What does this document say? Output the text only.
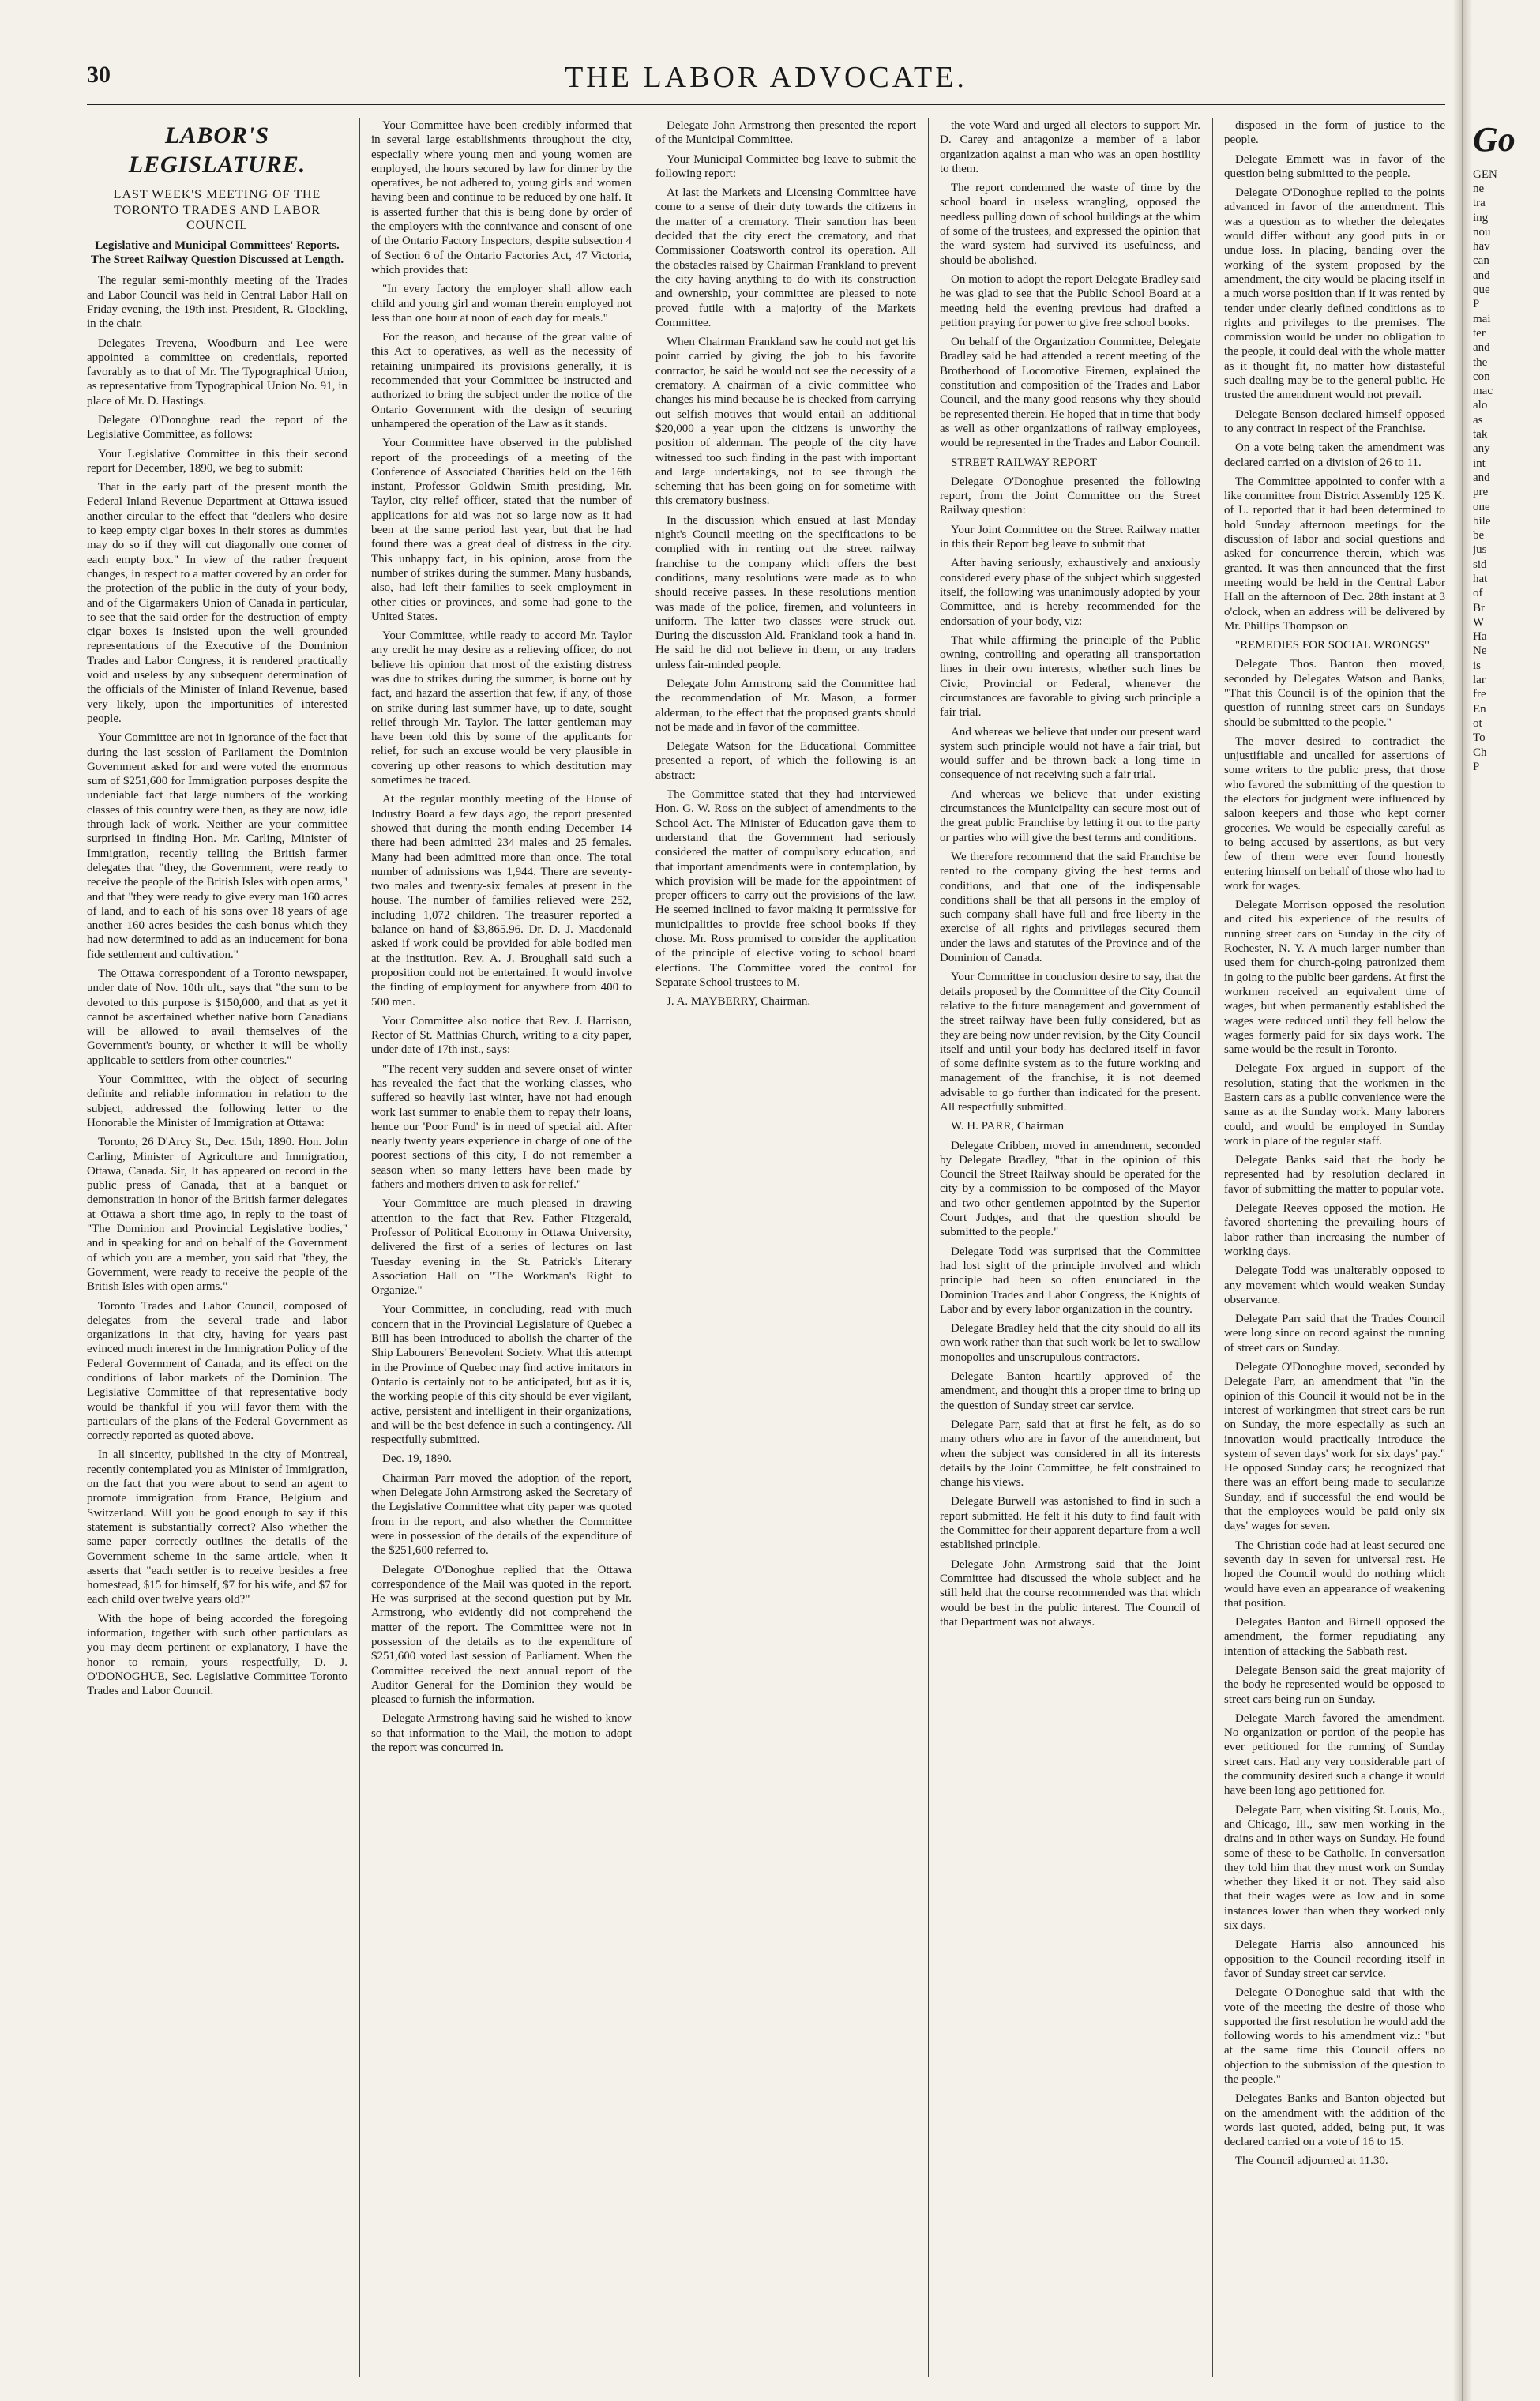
30	THE LABOR ADVOCATE.
LABOR'S LEGISLATURE.
LAST WEEK'S MEETING OF THE TORONTO TRADES AND LABOR COUNCIL
Legislative and Municipal Committees' Reports. The Street Railway Question Discussed at Length.

The regular semi-monthly meeting of the Trades and Labor Council was held in Central Labor Hall on Friday evening, the 19th inst. President, R. Glockling, in the chair.

Delegates Trevena, Woodburn and Lee were appointed a committee on credentials, reported favorably as to that of Mr. The Typographical Union, as representative from Typographical Union No. 91, in place of Mr. D. Hastings.

Delegate O'Donoghue read the report of the Legislative Committee, as follows:

Your Legislative Committee in this their second report for December, 1890, we beg to submit:

That in the early part of the present month the Federal Inland Revenue Department at Ottawa issued another circular to the effect that "dealers who desire to keep empty cigar boxes in their stores as dummies may do so if they will cut diagonally one corner of each empty box." In view of the rather frequent changes, in respect to a matter covered by an order for the protection of the public in the duty of your body, and of the Cigarmakers Union of Canada in particular, to see that the said order for the destruction of empty cigar boxes is insisted upon the well grounded representations of the Executive of the Dominion Trades and Labor Congress, it is rendered practically void and useless by any subsequent determination of the officials of the Minister of Inland Revenue, based very likely, upon the importunities of interested people.

Your Committee are not in ignorance of the fact that during the last session of Parliament the Dominion Government asked for and were voted the enormous sum of $251,600 for Immigration purposes despite the undeniable fact that large numbers of the working classes of this country were then, as they are now, idle through lack of work. Neither are your committee surprised in finding Hon. Mr. Carling, Minister of Immigration, recently telling the British farmer delegates that "they, the Government, were ready to receive the people of the British Isles with open arms," and that "they were ready to give every man 160 acres of land, and to each of his sons over 18 years of age another 160 acres besides the cash bonus which they had now determined to add as an inducement for bona fide settlement and cultivation."

The Ottawa correspondent of a Toronto newspaper, under date of Nov. 10th ult., says that "the sum to be devoted to this purpose is $150,000, and that as yet it cannot be ascertained whether native born Canadians will be allowed to avail themselves of the Government's bounty, or whether it will be wholly applicable to settlers from other countries."

Your Committee, with the object of securing definite and reliable information in relation to the subject, addressed the following letter to the Honorable the Minister of Immigration at Ottawa:

Toronto, 26 D'Arcy St., Dec. 15th, 1890. Hon. John Carling, Minister of Agriculture and Immigration, Ottawa, Canada. Sir, It has appeared on record in the public press of Canada, that at a banquet or demonstration in honor of the British farmer delegates at Ottawa a short time ago, in reply to the toast of "The Dominion and Provincial Legislative bodies," and in speaking for and on behalf of the Government of which you are a member, you said that "they, the Government, were ready to receive the people of the British Isles with open arms."

Toronto Trades and Labor Council, composed of delegates from the several trade and labor organizations in that city, having for years past evinced much interest in the Immigration Policy of the Federal Government of Canada, and its effect on the conditions of labor markets of the Dominion. The Legislative Committee of that representative body would be thankful if you will favor them with the particulars of the plans of the Federal Government as correctly reported as quoted above.

In all sincerity, published in the city of Montreal, recently contemplated you as Minister of Immigration, on the fact that you were about to send an agent to promote immigration from France, Belgium and Switzerland. Will you be good enough to say if this statement is substantially correct? Also whether the same paper correctly outlines the details of the Government scheme in the same article, when it asserts that "each settler is to receive besides a free homestead, $15 for himself, $7 for his wife, and $7 for each child over twelve years old?"

With the hope of being accorded the foregoing information, together with such other particulars as you may deem pertinent or explanatory, I have the honor to remain, yours respectfully, D. J. O'DONOGHUE, Sec. Legislative Committee Toronto Trades and Labor Council.

Your Committee have been credibly informed that in several large establishments throughout the city, especially where young men and young women are employed, the hours secured by law for dinner by the operatives, be not adhered to, young girls and women having been and continue to be reduced by one half. It is asserted further that this is being done by order of the employers with the connivance and consent of one of the Ontario Factory Inspectors, despite subsection 4 of Section 6 of the Ontario Factories Act, 47 Victoria, which provides that:

"In every factory the employer shall allow each child and young girl and woman therein employed not less than one hour at noon of each day for meals."

For the reason, and because of the great value of this Act to operatives, as well as the necessity of retaining unimpaired its provisions generally, it is recommended that your Committee be instructed and authorized to bring the subject under the notice of the Ontario Government with the design of securing unhampered the operation of the Law as it stands.

Your Committee have observed in the published report of the proceedings of a meeting of the Conference of Associated Charities held on the 16th instant, Professor Goldwin Smith presiding, Mr. Taylor, city relief officer, stated that the number of applications for aid was not so large now as it had been at the same period last year, but that he had found there was a great deal of distress in the city. This unhappy fact, in his opinion, arose from the number of strikes during the summer. Many husbands, also, had left their families to seek employment in other cities or provinces, and some had gone to the United States.

Your Committee, while ready to accord Mr. Taylor any credit he may desire as a relieving officer, do not believe his opinion that most of the existing distress was due to strikes during the summer, is borne out by fact, and hazard the assertion that few, if any, of those on strike during last summer have, up to date, sought relief through Mr. Taylor. The latter gentleman may have been told this by some of the applicants for relief, for such an excuse would be very plausible in covering up other reasons to which destitution may sometimes be traced.

At the regular monthly meeting of the House of Industry Board a few days ago, the report presented showed that during the month ending December 14 there had been admitted 234 males and 25 females. Many had been admitted more than once. The total number of admissions was 1,944. There are seventy-two males and twenty-six females at present in the house. The number of families relieved were 252, including 1,072 children. The treasurer reported a balance on hand of $3,865.96. Dr. D. J. Macdonald asked if work could be provided for able bodied men at the institution. Rev. A. J. Broughall said such a proposition could not be entertained. It would involve the finding of employment for anywhere from 400 to 500 men.

Your Committee also notice that Rev. J. Harrison, Rector of St. Matthias Church, writing to a city paper, under date of 17th inst., says:

"The recent very sudden and severe onset of winter has revealed the fact that the working classes, who suffered so heavily last winter, have not had enough work last summer to enable them to repay their loans, hence our 'Poor Fund' is in need of special aid. After nearly twenty years experience in charge of one of the poorest sections of this city, I do not remember a season when so many letters have been made by fathers and mothers driven to ask for relief."

Your Committee are much pleased in drawing attention to the fact that Rev. Father Fitzgerald, Professor of Political Economy in Ottawa University, delivered the first of a series of lectures on last Tuesday evening in the St. Patrick's Literary Association Hall on "The Workman's Right to Organize."

Your Committee, in concluding, read with much concern that in the Provincial Legislature of Quebec a Bill has been introduced to abolish the charter of the Ship Labourers' Benevolent Society. What this attempt in the Province of Quebec may find active imitators in Ontario is certainly not to be anticipated, but as it is, the working people of this city should be ever vigilant, active, persistent and intelligent in their organizations, and will be the best defence in such a contingency. All respectfully submitted.

Dec. 19, 1890.

Chairman Parr moved the adoption of the report, when Delegate John Armstrong asked the Secretary of the Legislative Committee what city paper was quoted from in the report, and also whether the Committee were in possession of the details of the expenditure of the $251,600 referred to.

Delegate O'Donoghue replied that the Ottawa correspondence of the Mail was quoted in the report. He was surprised at the second question put by Mr. Armstrong, who evidently did not comprehend the matter of the report. The Committee were not in possession of the details as to the expenditure of $251,600 voted last session of Parliament. When the Committee received the next annual report of the Auditor General for the Dominion they would be pleased to furnish the information.

Delegate Armstrong having said he wished to know so that information to the Mail, the motion to adopt the report was concurred in.

Delegate John Armstrong then presented the report of the Municipal Committee.

Your Municipal Committee beg leave to submit the following report:

At last the Markets and Licensing Committee have come to a sense of their duty towards the citizens in the matter of a crematory. Their sanction has been decided that the city erect the crematory, and that Commissioner Coatsworth control its operation. All the obstacles raised by Chairman Frankland to prevent the city having anything to do with its construction and ownership, your committee are pleased to note proved futile with a majority of the Markets Committee.

When Chairman Frankland saw he could not get his point carried by giving the job to his favorite contractor, he said he would not see the necessity of a crematory. A chairman of a civic committee who changes his mind because he is checked from carrying out selfish motives that would entail an additional $20,000 a year upon the citizens is unworthy the position of alderman. The people of the city have witnessed too such finding in the past with important and large undertakings, not to see through the scheming that has been going on for sometime with this crematory business.

In the discussion which ensued at last Monday night's Council meeting on the specifications to be complied with in renting out the street railway franchise to the company which offers the best conditions, many resolutions were made as to who should receive passes. In these resolutions mention was made of the police, firemen, and volunteers in uniform. The latter two classes were struck out. During the discussion Ald. Frankland took a hand in. He said he did not believe in them, or any traders unless fair-minded people.

Delegate John Armstrong said the Committee had the recommendation of Mr. Mason, a former alderman, to the effect that the proposed grants should not be made and in favor of the committee.

Delegate Watson for the Educational Committee presented a report, of which the following is an abstract:

The Committee stated that they had interviewed Hon. G. W. Ross on the subject of amendments to the School Act. The Minister of Education gave them to understand that the Government had seriously considered the matter of compulsory education, and that important amendments were in contemplation, by which provision will be made for the appointment of proper officers to carry out the provisions of the law. He seemed inclined to favor making it permissive for municipalities to provide free school books if they chose. Mr. Ross promised to consider the application of the principle of elective voting to school board elections. The Committee voted the control for Separate School trustees to M.

J. A. MAYBERRY, Chairman.

the vote Ward and urged all electors to support Mr. D. Carey and antagonize a member of a labor organization against a man who was an open hostility to them.

The report condemned the waste of time by the school board in useless wrangling, opposed the needless pulling down of school buildings at the whim of some of the trustees, and expressed the opinion that the ward system had survived its usefulness, and should be abolished.

On motion to adopt the report Delegate Bradley said he was glad to see that the Public School Board at a meeting held the evening previous had drafted a petition praying for power to give free school books.

On behalf of the Organization Committee, Delegate Bradley said he had attended a recent meeting of the Brotherhood of Locomotive Firemen, explained the constitution and composition of the Trades and Labor Council, and the many good reasons why they should be represented therein. He hoped that in time that body as well as other organizations of railway employees, would be represented in the Trades and Labor Council.

STREET RAILWAY REPORT

Delegate O'Donoghue presented the following report, from the Joint Committee on the Street Railway question:

Your Joint Committee on the Street Railway matter in this their Report beg leave to submit that

After having seriously, exhaustively and anxiously considered every phase of the subject which suggested itself, the following was unanimously adopted by your Committee, and is hereby recommended for the endorsation of your body, viz:

That while affirming the principle of the Public owning, controlling and operating all transportation lines in their own interests, whether such lines be Civic, Provincial or Federal, whenever the circumstances are favorable to giving such principle a fair trial.

And whereas we believe that under our present ward system such principle would not have a fair trial, but would suffer and be thrown back a long time in consequence of not receiving such a fair trial.

And whereas we believe that under existing circumstances the Municipality can secure most out of the great public Franchise by letting it out to the party or parties who will give the best terms and conditions.

We therefore recommend that the said Franchise be rented to the company giving the best terms and conditions, and that one of the indispensable conditions shall be that all persons in the employ of such company shall have full and free liberty in the exercise of all rights and privileges secured them under the laws and statutes of the Province and of the Dominion of Canada.

Your Committee in conclusion desire to say, that the details proposed by the Committee of the City Council relative to the future management and government of the street railway have been fully considered, but as they are being now under revision, by the City Council itself and until your body has declared itself in favor of some definite system as to the future working and management of the franchise, it is not deemed advisable to go further than indicated for the present. All respectfully submitted.

W. H. PARR, Chairman

Delegate Cribben, moved in amendment, seconded by Delegate Bradley, "that in the opinion of this Council the Street Railway should be operated for the city by a commission to be composed of the Mayor and two other gentlemen appointed by the Superior Court Judges, and that the question should be submitted to the people."

Delegate Todd was surprised that the Committee had lost sight of the principle involved and which principle had been so often enunciated in the Dominion Trades and Labor Congress, the Knights of Labor and by every labor organization in the country.

Delegate Bradley held that the city should do all its own work rather than that such work be let to swallow monopolies and unscrupulous contractors.

Delegate Banton heartily approved of the amendment, and thought this a proper time to bring up the question of Sunday street car service.

Delegate Parr, said that at first he felt, as do so many others who are in favor of the amendment, but when the subject was considered in all its interests details by the Joint Committee, he felt constrained to change his views.

Delegate Burwell was astonished to find in such a report submitted. He felt it his duty to find fault with the Committee for their apparent departure from a well established principle.

Delegate John Armstrong said that the Joint Committee had discussed the whole subject and he still held that the course recommended was that which would be best in the public interest. The Council of that Department was not always.

disposed in the form of justice to the people.

Delegate Emmett was in favor of the question being submitted to the people.

Delegate O'Donoghue replied to the points advanced in favor of the amendment. This was a question as to whether the delegates would differ without any good puts in or undue loss. In placing, banding over the working of the system proposed by the amendment, the city would be placing itself in a much worse position than if it was rented by tender under clearly defined conditions as to rights and privileges to the premises. The commission would be under no obligation to the people, it could deal with the whole matter as it thought fit, no matter how distasteful such dealing may be to the general public. He trusted the amendment would not prevail.

Delegate Benson declared himself opposed to any contract in respect of the Franchise.

On a vote being taken the amendment was declared carried on a division of 26 to 11.

The Committee appointed to confer with a like committee from District Assembly 125 K. of L. reported that it had been determined to hold Sunday afternoon meetings for the discussion of labor and social questions and asked for concurrence therein, which was granted. It was then announced that the first meeting would be held in the Central Labor Hall on the afternoon of Dec. 28th instant at 3 o'clock, when an address will be delivered by Mr. Phillips Thompson on

"REMEDIES FOR SOCIAL WRONGS"

Delegate Thos. Banton then moved, seconded by Delegates Watson and Banks, "That this Council is of the opinion that the question of running street cars on Sundays should be submitted to the people."

The mover desired to contradict the unjustifiable and uncalled for assertions of some writers to the public press, that those who favored the submitting of the question to the electors for judgment were influenced by saloon keepers and those who kept corner groceries. We would be especially careful as to being accused by assertions, as but very few of them were ever found honestly entering himself on behalf of those who had to work for wages.

Delegate Morrison opposed the resolution and cited his experience of the results of running street cars on Sunday in the city of Rochester, N. Y. A much larger number than used them for church-going patronized them in going to the public beer gardens. At first the workmen received an equivalent time of wages, but when permanently established the wages were reduced until they fell below the wages formerly paid for six days work. The same would be the result in Toronto.

Delegate Fox argued in support of the resolution, stating that the workmen in the Eastern cars as a public convenience were the same as at the Sunday work. Many laborers could, and would be employed in Sunday work in place of the regular staff.

Delegate Banks said that the body be represented had by resolution declared in favor of submitting the matter to popular vote.

Delegate Reeves opposed the motion. He favored shortening the prevailing hours of labor rather than increasing the number of working days.

Delegate Todd was unalterably opposed to any movement which would weaken Sunday observance.

Delegate Parr said that the Trades Council were long since on record against the running of street cars on Sunday.

Delegate O'Donoghue moved, seconded by Delegate Parr, an amendment that "in the opinion of this Council it would not be in the interest of workingmen that street cars be run on Sunday, the more especially as such an innovation would practically introduce the system of seven days' work for six days' pay." He opposed Sunday cars; he recognized that there was an effort being made to secularize Sunday, and if successful the end would be that the employees would be paid only six days' wages for seven.

The Christian code had at least secured one seventh day in seven for universal rest. He hoped the Council would do nothing which would have even an appearance of weakening that position.

Delegates Banton and Birnell opposed the amendment, the former repudiating any intention of attacking the Sabbath rest.

Delegate Benson said the great majority of the body he represented would be opposed to street cars being run on Sunday.

Delegate March favored the amendment. No organization or portion of the people has ever petitioned for the running of Sunday street cars. Had any very considerable part of the community desired such a change it would have been long ago petitioned for.

Delegate Parr, when visiting St. Louis, Mo., and Chicago, Ill., saw men working in the drains and in other ways on Sunday. He found some of these to be Catholic. In conversation they told him that they must work on Sunday whether they liked it or not. They said also that their wages were as low and in some instances lower than when they worked only six days.

Delegate Harris also announced his opposition to the Council recording itself in favor of Sunday street car service.

Delegate O'Donoghue said that with the vote of the meeting the desire of those who supported the first resolution he would add the following words to his amendment viz.: "but at the same time this Council offers no objection to the submission of the question to the people."

Delegates Banks and Banton objected but on the amendment with the addition of the words last quoted, added, being put, it was declared carried on a vote of 16 to 15.

The Council adjourned at 11.30.

Go
GEN
ne
tra
ing
nou
hav
can
and
que
P
mai
ter
and
the
con
mac
alo
as
tak
any
int
and
pre
one
bile
be
jus
sid
hat
of
Br
W
Ha
Ne
is
lar
fre
En
ot
To
Ch
P
